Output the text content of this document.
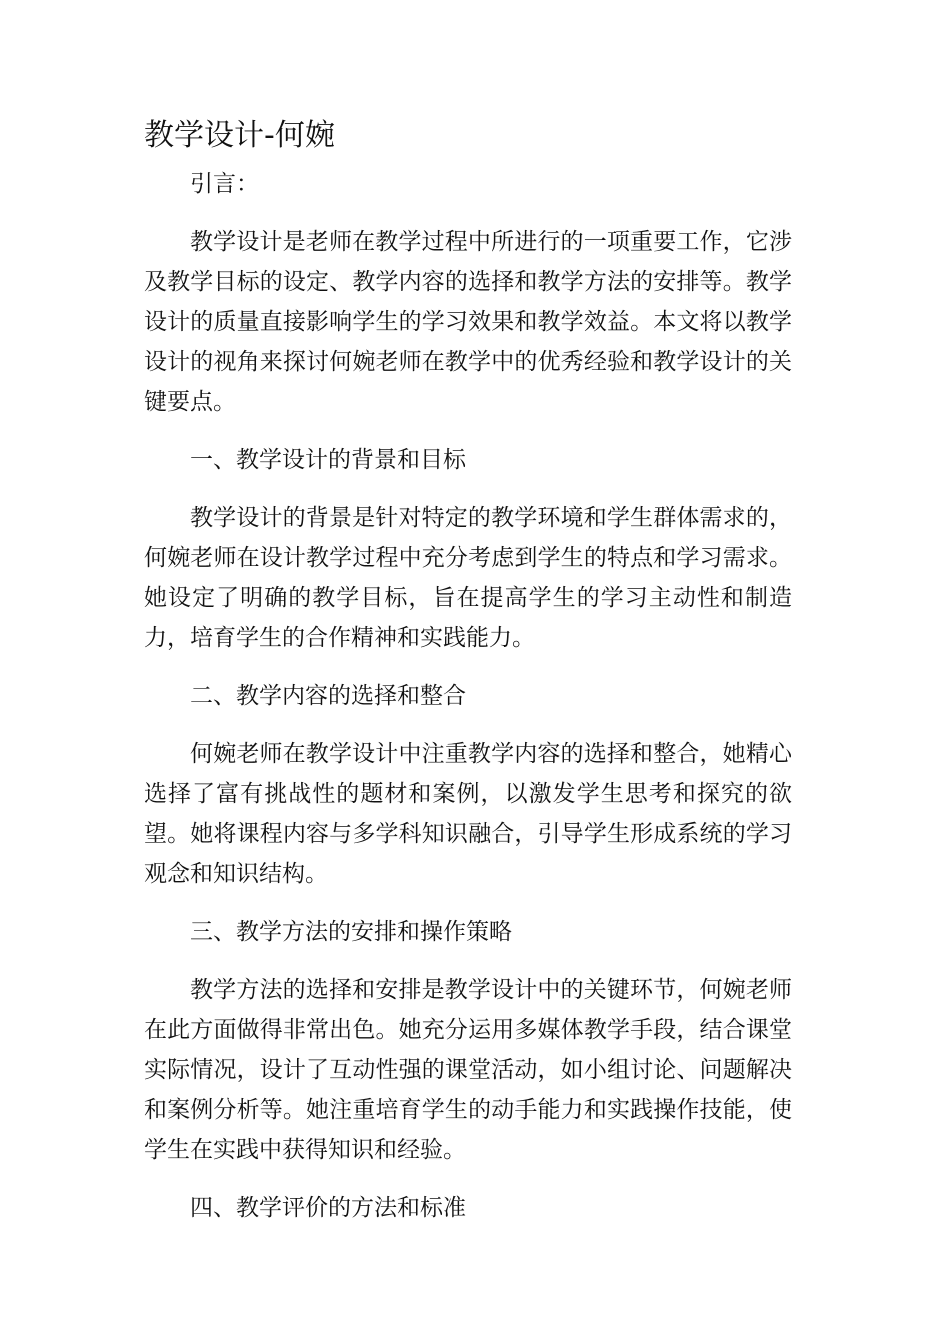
教学设计-何婉

引言：

教学设计是老师在教学过程中所进行的一项重要工作，它涉及教学目标的设定、教学内容的选择和教学方法的安排等。教学设计的质量直接影响学生的学习效果和教学效益。本文将以教学设计的视角来探讨何婉老师在教学中的优秀经验和教学设计的关键要点。

一、教学设计的背景和目标

教学设计的背景是针对特定的教学环境和学生群体需求的，何婉老师在设计教学过程中充分考虑到学生的特点和学习需求。她设定了明确的教学目标，旨在提高学生的学习主动性和制造力，培育学生的合作精神和实践能力。

二、教学内容的选择和整合

何婉老师在教学设计中注重教学内容的选择和整合，她精心选择了富有挑战性的题材和案例，以激发学生思考和探究的欲望。她将课程内容与多学科知识融合，引导学生形成系统的学习观念和知识结构。

三、教学方法的安排和操作策略

教学方法的选择和安排是教学设计中的关键环节，何婉老师在此方面做得非常出色。她充分运用多媒体教学手段，结合课堂实际情况，设计了互动性强的课堂活动，如小组讨论、问题解决和案例分析等。她注重培育学生的动手能力和实践操作技能，使学生在实践中获得知识和经验。

四、教学评价的方法和标准
